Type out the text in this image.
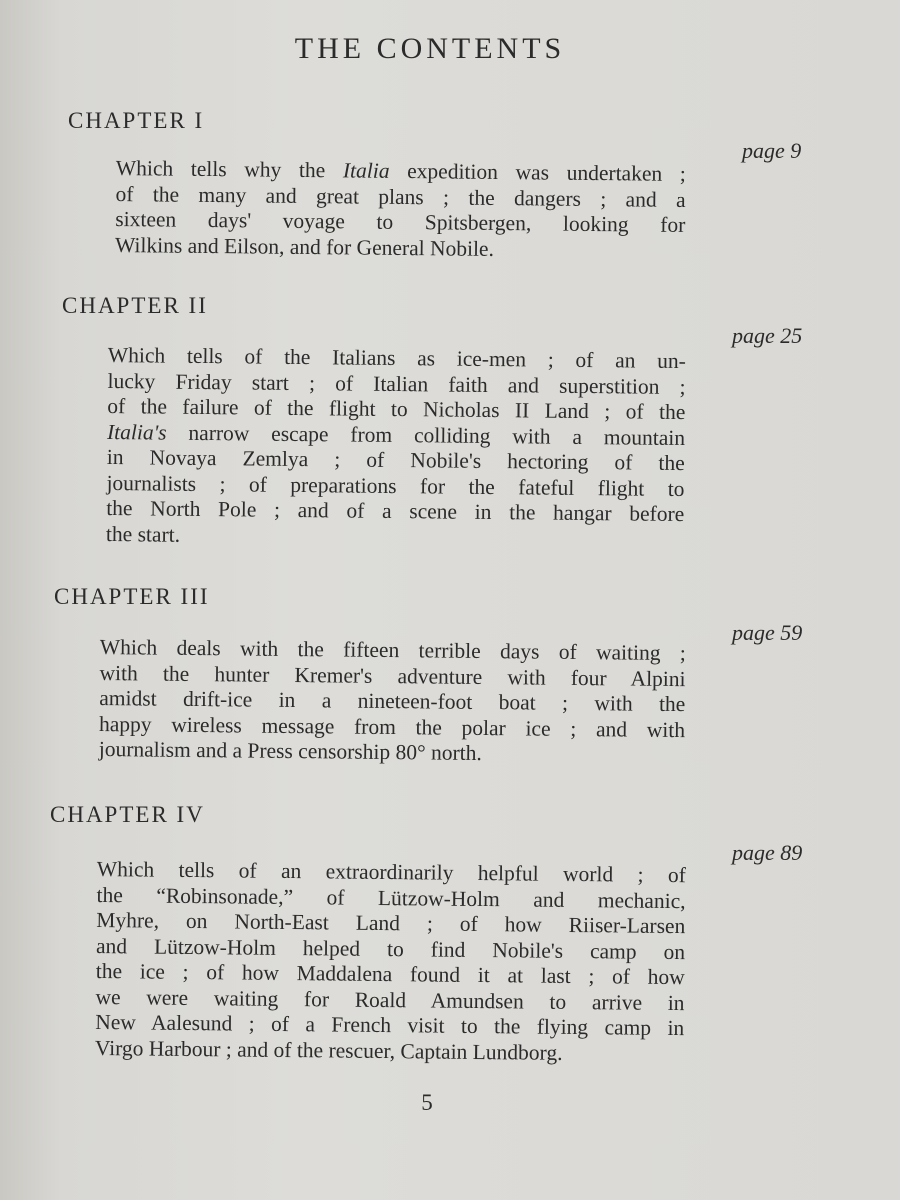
THE CONTENTS
CHAPTER I
page 9
Which tells why the Italia expedition was undertaken ;
of the many and great plans ; the dangers ; and a
sixteen days' voyage to Spitsbergen, looking for
Wilkins and Eilson, and for General Nobile.
CHAPTER II
page 25
Which tells of the Italians as ice-men ; of an un-
lucky Friday start ; of Italian faith and superstition ;
of the failure of the flight to Nicholas II Land ; of the
Italia's narrow escape from colliding with a mountain
in Novaya Zemlya ; of Nobile's hectoring of the
journalists ; of preparations for the fateful flight to
the North Pole ; and of a scene in the hangar before
the start.
CHAPTER III
page 59
Which deals with the fifteen terrible days of waiting ;
with the hunter Kremer's adventure with four Alpini
amidst drift-ice in a nineteen-foot boat ; with the
happy wireless message from the polar ice ; and with
journalism and a Press censorship 80° north.
CHAPTER IV
page 89
Which tells of an extraordinarily helpful world ; of
the “Robinsonade,” of Lützow-Holm and mechanic,
Myhre, on North-East Land ; of how Riiser-Larsen
and Lützow-Holm helped to find Nobile's camp on
the ice ; of how Maddalena found it at last ; of how
we were waiting for Roald Amundsen to arrive in
New Aalesund ; of a French visit to the flying camp in
Virgo Harbour ; and of the rescuer, Captain Lundborg.
5
